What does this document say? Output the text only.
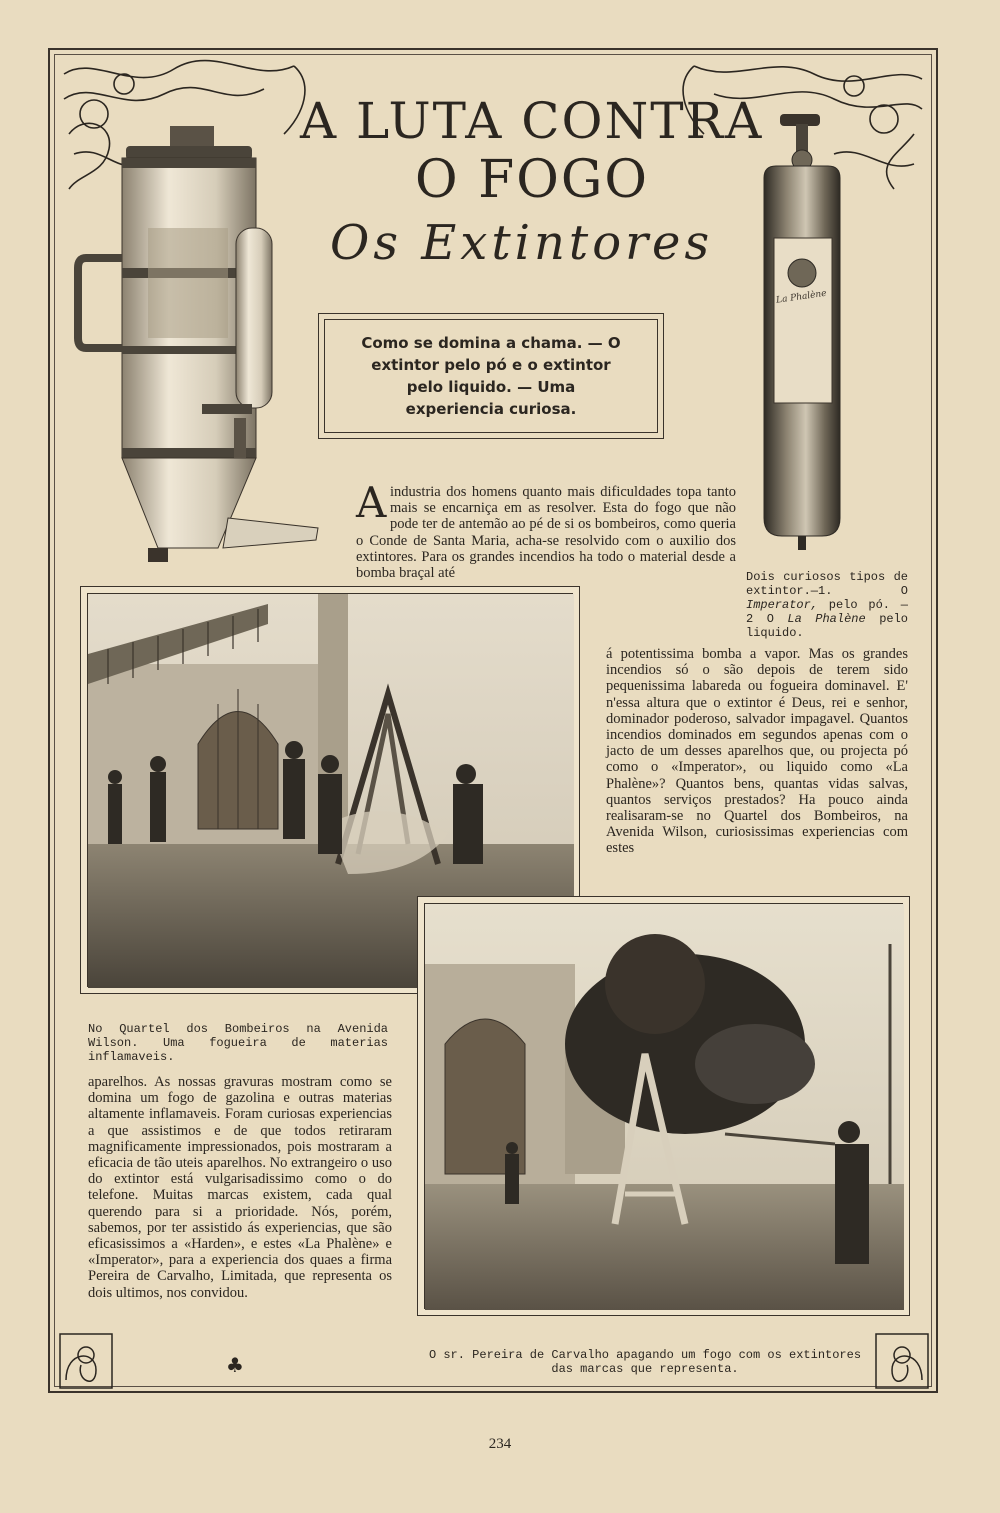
A LUTA CONTRA
O FOGO
Os Extintores
La Phalène
Como se domina a chama. — O extintor pelo pó e o extintor pelo liquido. — Uma experiencia curiosa.
A industria dos homens quanto mais dificuldades topa tanto mais se encarniça em as resolver. Esta do fogo que não pode ter de antemão ao pé de si os bombeiros, como queria o Conde de Santa Maria, acha-se resolvido com o auxilio dos extintores. Para os grandes incendios ha todo o material desde a bomba braçal até	Dois curiosos tipos de extintor.—1. O Imperator, pelo pó. — 2 O La Phalène pelo liquido.
á potentissima bomba a vapor. Mas os grandes incendios só o são depois de terem sido pequenissima labareda ou fogueira dominavel. E' n'essa altura que o extintor é Deus, rei e senhor, dominador poderoso, salvador impagavel. Quantos incendios dominados em segundos apenas com o jacto de um desses aparelhos que, ou projecta pó como o «Imperator», ou liquido como «La Phalène»? Quantos bens, quantas vidas salvas, quantos serviços prestados? Ha pouco ainda realisaram-se no Quartel dos Bombeiros, na Avenida Wilson, curiosissimas experiencias com estes
No Quartel dos Bombeiros na Avenida Wilson. Uma fogueira de materias inflamaveis.
aparelhos. As nossas gravuras mostram como se domina um fogo de gazolina e outras materias altamente inflamaveis. Foram curiosas experiencias a que assistimos e de que todos retiraram magnificamente impressionados, pois mostraram a eficacia de tão uteis aparelhos. No extrangeiro o uso do extintor está vulgarisadissimo como o do telefone. Muitas marcas existem, cada qual querendo para si a prioridade. Nós, porém, sabemos, por ter assistido ás experiencias, que são eficasissimos a «Harden», e estes «La Phalène» e «Imperator», para a experiencia dos quaes a firma Pereira de Carvalho, Limitada, que representa os dois ultimos, nos convidou.
O sr. Pereira de Carvalho apagando um fogo com os extintores das marcas que representa.
♣
234
